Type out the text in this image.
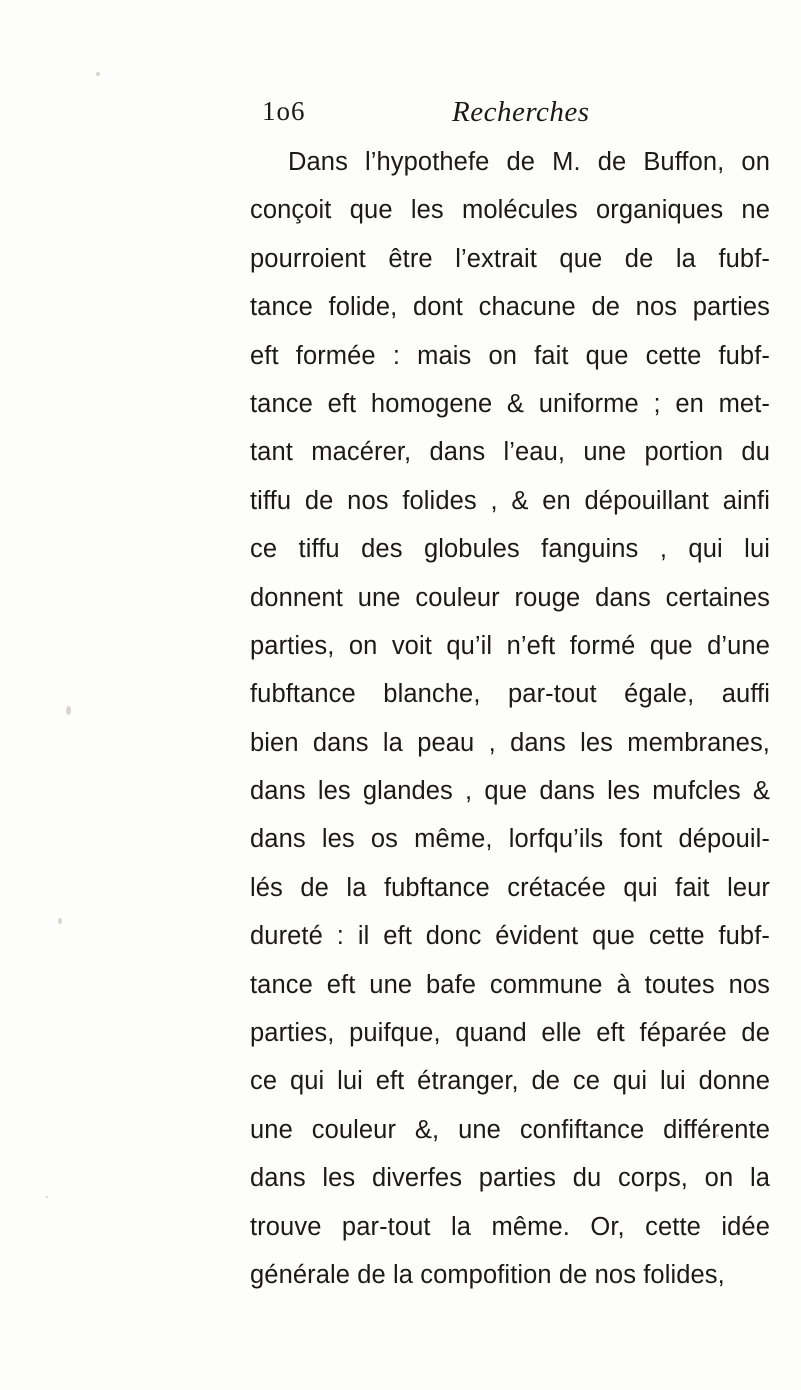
1o6	Recherches
Dans l’hypothefe de M. de Buffon, on
conçoit que les molécules organiques ne
pourroient être l’extrait que de la fubf-
tance folide, dont chacune de nos parties
eft formée : mais on fait que cette fubf-
tance eft homogene & uniforme ; en met-
tant macérer, dans l’eau, une portion du
tiffu de nos folides , & en dépouillant ainfi
ce tiffu des globules fanguins , qui lui
donnent une couleur rouge dans certaines
parties, on voit qu’il n’eft formé que d’une
fubftance blanche, par-tout égale, auffi
bien dans la peau , dans les membranes,
dans les glandes , que dans les mufcles &
dans les os même, lorfqu’ils font dépouil-
lés de la fubftance crétacée qui fait leur
dureté : il eft donc évident que cette fubf-
tance eft une bafe commune à toutes nos
parties, puifque, quand elle eft féparée de
ce qui lui eft étranger, de ce qui lui donne
une couleur &, une confiftance différente
dans les diverfes parties du corps, on la
trouve par-tout la même. Or, cette idée
générale de la compofition de nos folides,
